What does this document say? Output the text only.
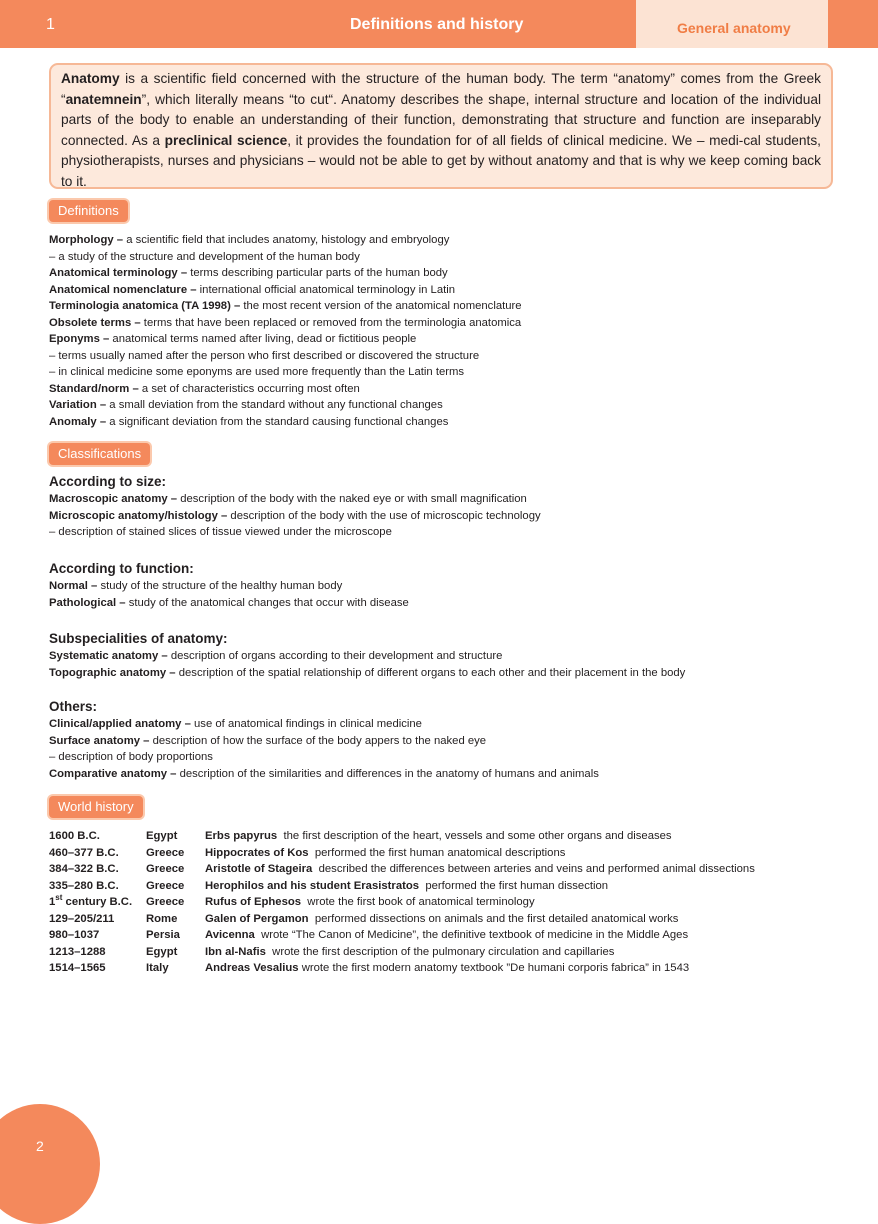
1	Definitions and history	General anatomy

Anatomy is a scientific field concerned with the structure of the human body. The term “anatomy” comes from the Greek “anatemnein”, which literally means “to cut“. Anatomy describes the shape, internal structure and location of the individual parts of the body to enable an understanding of their function, demonstrating that structure and function are inseparably connected. As a preclinical science, it provides the foundation for of all fields of clinical medicine. We – medi-cal students, physiotherapists, nurses and physicians – would not be able to get by without anatomy and that is why we keep coming back to it.

Definitions
Morphology – a scientific field that includes anatomy, histology and embryology
– a study of the structure and development of the human body
Anatomical terminology – terms describing particular parts of the human body
Anatomical nomenclature – international official anatomical terminology in Latin
Terminologia anatomica (TA 1998) – the most recent version of the anatomical nomenclature
Obsolete terms – terms that have been replaced or removed from the terminologia anatomica
Eponyms – anatomical terms named after living, dead or fictitious people
– terms usually named after the person who first described or discovered the structure
– in clinical medicine some eponyms are used more frequently than the Latin terms
Standard/norm – a set of characteristics occurring most often
Variation – a small deviation from the standard without any functional changes
Anomaly – a significant deviation from the standard causing functional changes
Classifications
According to size:
Macroscopic anatomy – description of the body with the naked eye or with small magnification
Microscopic anatomy/histology – description of the body with the use of microscopic technology
– description of stained slices of tissue viewed under the microscope
According to function:
Normal – study of the structure of the healthy human body
Pathological – study of the anatomical changes that occur with disease
Subspecialities of anatomy:
Systematic anatomy – description of organs according to their development and structure
Topographic anatomy – description of the spatial relationship of different organs to each other and their placement in the body
Others:
Clinical/applied anatomy – use of anatomical findings in clinical medicine
Surface anatomy – description of how the surface of the body appers to the naked eye
– description of body proportions
Comparative anatomy – description of the similarities and differences in the anatomy of humans and animals
World history
1600 B.C.	Egypt	Erbs papyrus  the first description of the heart, vessels and some other organs and diseases
460–377 B.C.	Greece	Hippocrates of Kos  performed the first human anatomical descriptions
384–322 B.C.	Greece	Aristotle of Stageira  described the differences between arteries and veins and performed animal dissections
335–280 B.C.	Greece	Herophilos and his student Erasistratos  performed the first human dissection
1st century B.C.	Greece	Rufus of Ephesos  wrote the first book of anatomical terminology
129–205/211	Rome	Galen of Pergamon  performed dissections on animals and the first detailed anatomical works
980–1037	Persia	Avicenna  wrote “The Canon of Medicine”, the definitive textbook of medicine in the Middle Ages
1213–1288	Egypt	Ibn al-Nafis  wrote the first description of the pulmonary circulation and capillaries
1514–1565	Italy	Andreas Vesalius wrote the first modern anatomy textbook ”De humani corporis fabrica” in 1543
2
